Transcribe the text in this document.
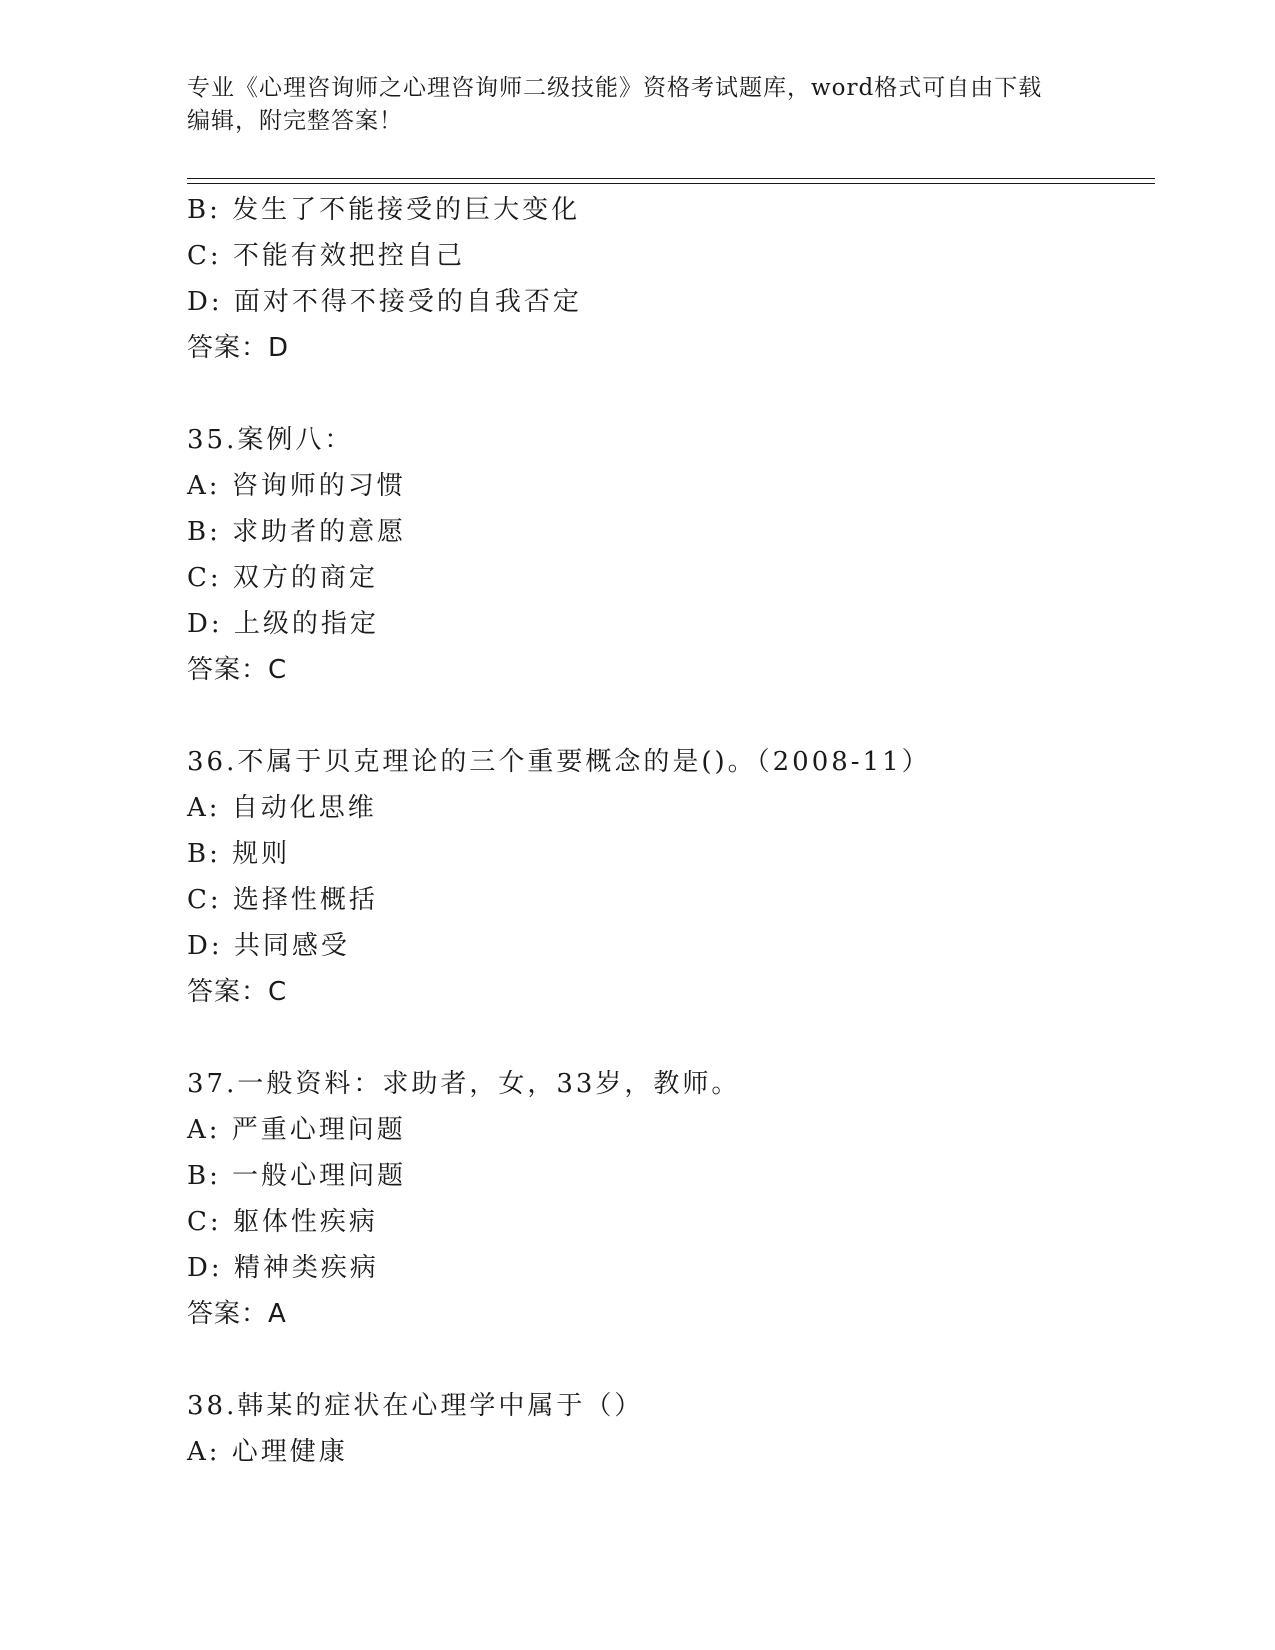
专业《心理咨询师之心理咨询师二级技能》资格考试题库，word格式可自由下载
编辑，附完整答案！
B: 发生了不能接受的巨大变化
C: 不能有效把控自己
D: 面对不得不接受的自我否定
答案：D
35.案例八：
A: 咨询师的习惯
B: 求助者的意愿
C: 双方的商定
D: 上级的指定
答案：C
36.不属于贝克理论的三个重要概念的是()。（2008-11）
A: 自动化思维
B: 规则
C: 选择性概括
D: 共同感受
答案：C
37.一般资料：求助者，女，33岁，教师。
A: 严重心理问题
B: 一般心理问题
C: 躯体性疾病
D: 精神类疾病
答案：A
38.韩某的症状在心理学中属于（）
A: 心理健康
